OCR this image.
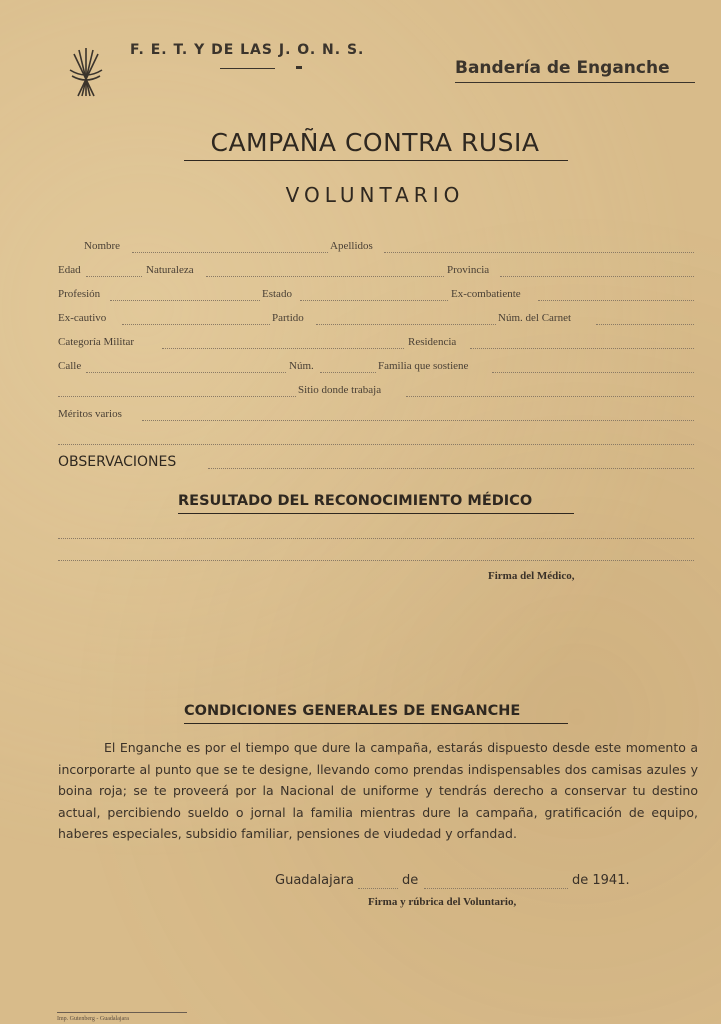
F. E. T. Y DE LAS J. O. N. S.
Bandería de Enganche
CAMPAÑA CONTRA RUSIA
VOLUNTARIO
Nombre	Apellidos
Edad	Naturaleza	Provincia
Profesión	Estado	Ex-combatiente
Ex-cautivo	Partido	Núm. del Carnet
Categoría Militar	Residencia
Calle	Núm.	Familia que sostiene
Sitio donde trabaja
Méritos varios
OBSERVACIONES
RESULTADO DEL RECONOCIMIENTO MÉDICO
Firma del Médico,
CONDICIONES GENERALES DE ENGANCHE
El Enganche es por el tiempo que dure la campaña, estarás dispuesto desde este momento a incorporarte al punto que se te designe, llevando como prendas indispensables dos camisas azules y boina roja; se te proveerá por la Nacional de uniforme y tendrás derecho a conservar tu destino actual, percibiendo sueldo o jornal la familia mientras dure la campaña, gratificación de equipo, haberes especiales, subsidio familiar, pensiones de viudedad y orfandad.
Guadalajara	de	de 1941.
Firma y rúbrica del Voluntario,
Imp. Gutenberg - Guadalajara
